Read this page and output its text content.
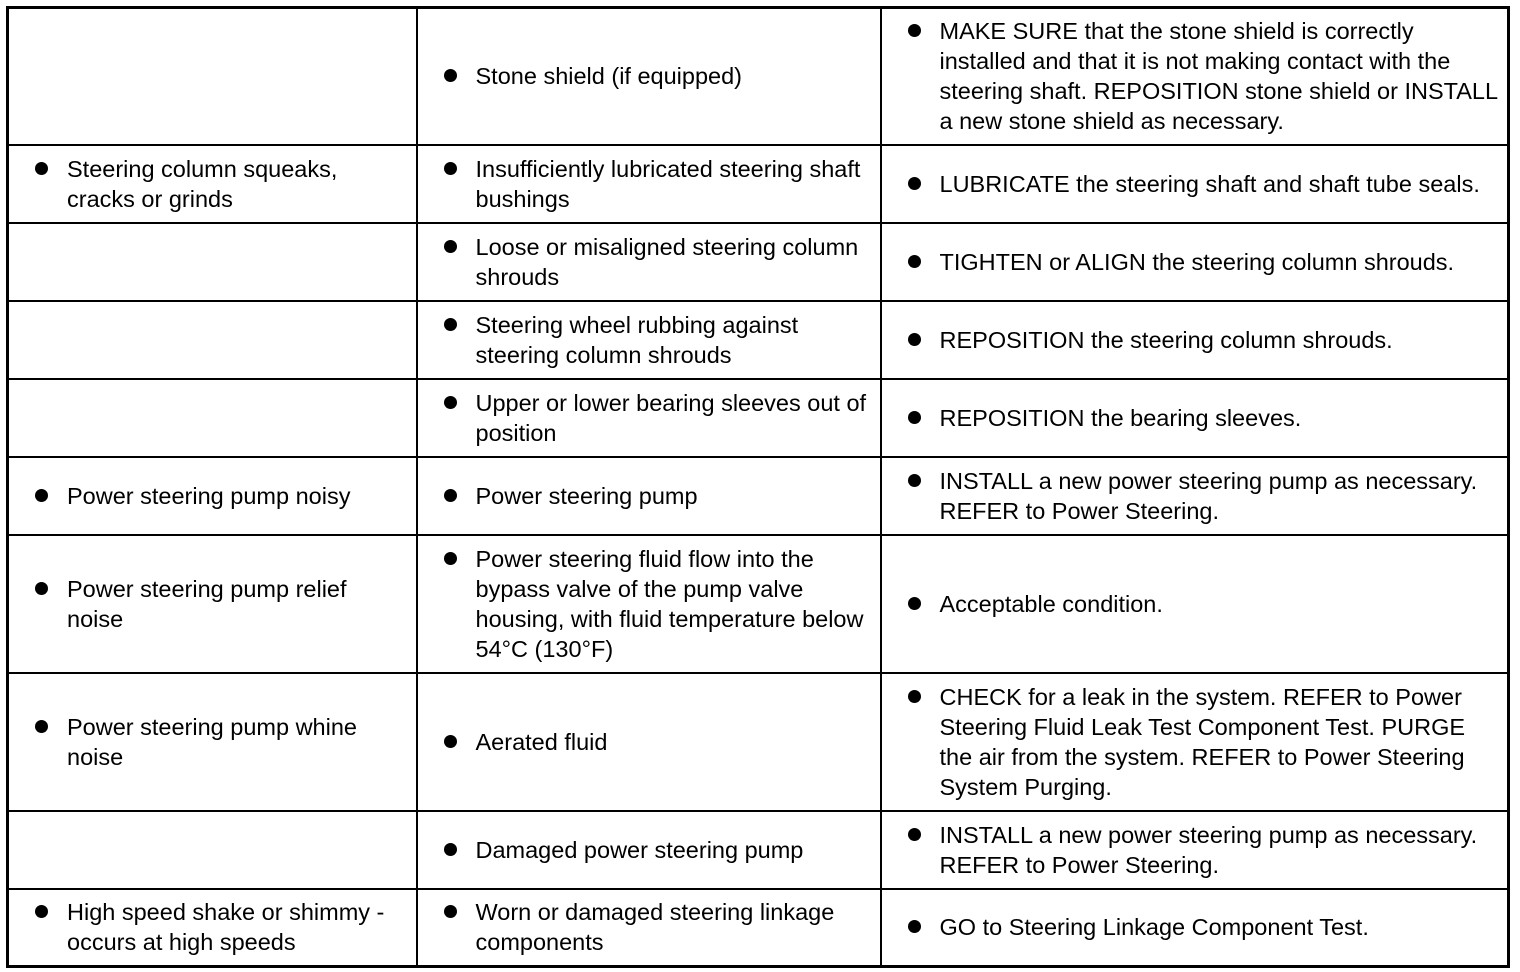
	Stone shield (if equipped)	MAKE SURE that the stone shield is correctly installed and that it is not making contact with the steering shaft. REPOSITION stone shield or INSTALL a new stone shield as necessary.

Steering column squeaks, cracks or grinds	Insufficiently lubricated steering shaft bushings	LUBRICATE the steering shaft and shaft tube seals.

	Loose or misaligned steering column shrouds	TIGHTEN or ALIGN the steering column shrouds.

	Steering wheel rubbing against steering column shrouds	REPOSITION the steering column shrouds.

	Upper or lower bearing sleeves out of position	REPOSITION the bearing sleeves.

Power steering pump noisy	Power steering pump	INSTALL a new power steering pump as necessary. REFER to Power Steering.

Power steering pump relief noise	Power steering fluid flow into the bypass valve of the pump valve housing, with fluid temperature below 54°C (130°F)	Acceptable condition.

Power steering pump whine noise	Aerated fluid	CHECK for a leak in the system. REFER to Power Steering Fluid Leak Test Component Test. PURGE the air from the system. REFER to Power Steering System Purging.

	Damaged power steering pump	INSTALL a new power steering pump as necessary. REFER to Power Steering.

High speed shake or shimmy - occurs at high speeds	Worn or damaged steering linkage components	GO to Steering Linkage Component Test.
